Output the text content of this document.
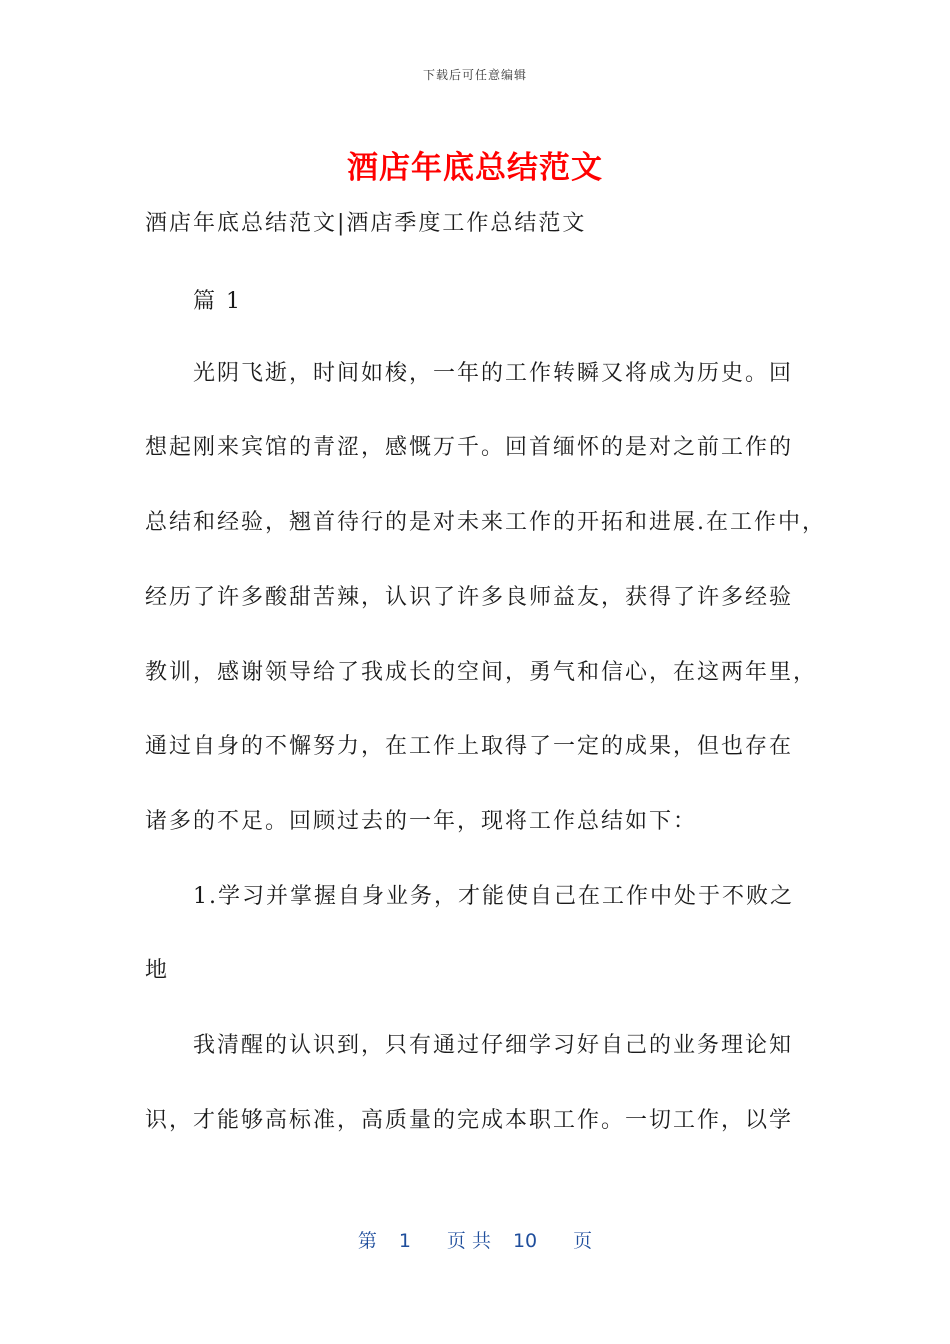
下载后可任意编辑
酒店年底总结范文
酒店年底总结范文|酒店季度工作总结范文
篇 1
光阴飞逝，时间如梭，一年的工作转瞬又将成为历史。回
想起刚来宾馆的青涩，感慨万千。回首缅怀的是对之前工作的
总结和经验，翘首待行的是对未来工作的开拓和进展.在工作中，
经历了许多酸甜苦辣，认识了许多良师益友，获得了许多经验
教训，感谢领导给了我成长的空间，勇气和信心，在这两年里，
通过自身的不懈努力，在工作上取得了一定的成果，但也存在
诸多的不足。回顾过去的一年，现将工作总结如下：
1.学习并掌握自身业务，才能使自己在工作中处于不败之
地
我清醒的认识到，只有通过仔细学习好自己的业务理论知
识，才能够高标准，高质量的完成本职工作。一切工作，以学
第 1 页 共 10 页
